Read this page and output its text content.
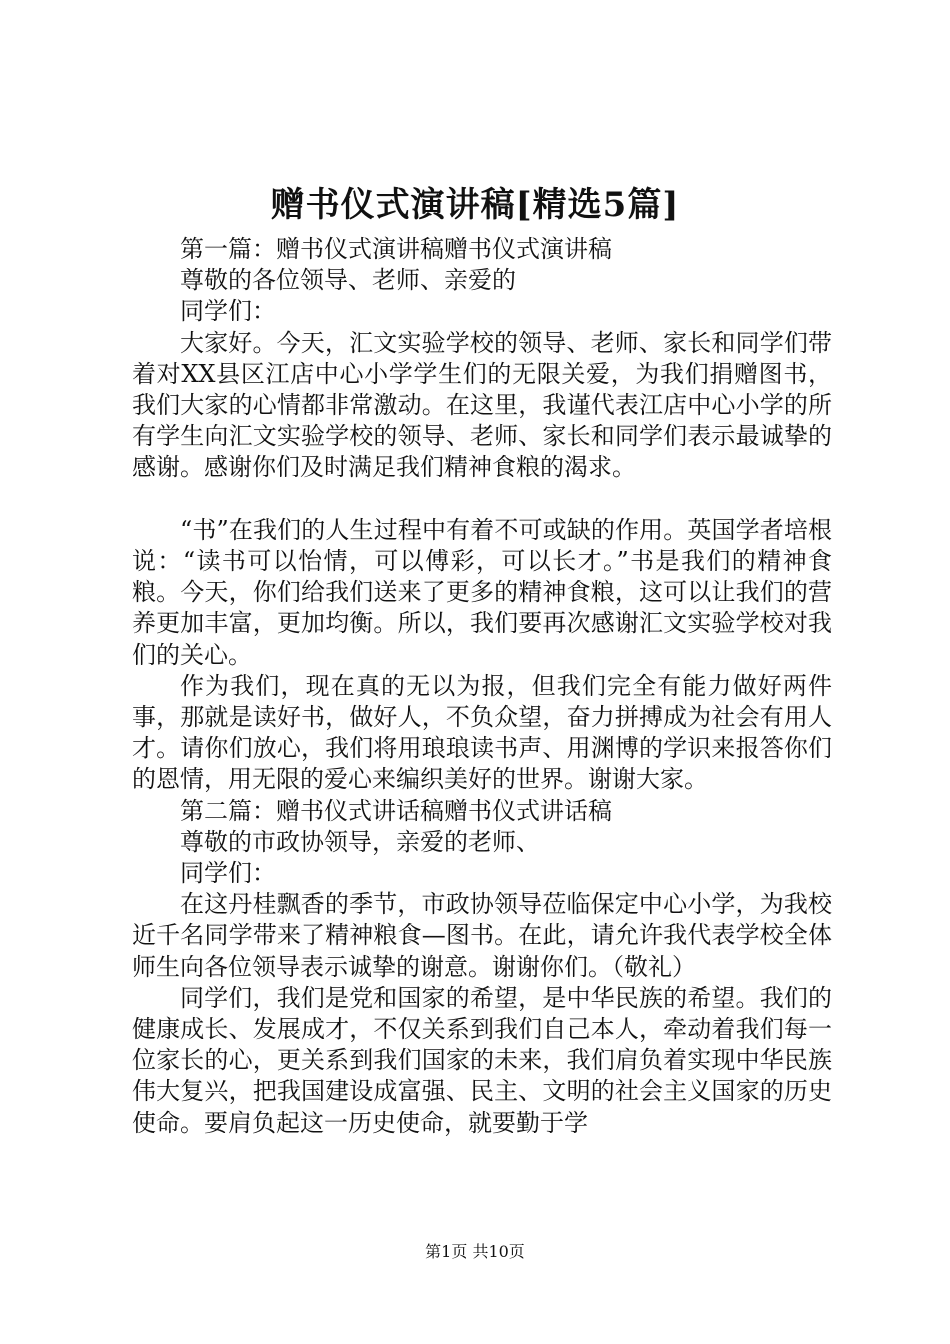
赠书仪式演讲稿[精选5篇]

第一篇：赠书仪式演讲稿赠书仪式演讲稿

尊敬的各位领导、老师、亲爱的

同学们：

大家好。今天，汇文实验学校的领导、老师、家长和同学们带着对XX县区江店中心小学学生们的无限关爱，为我们捐赠图书，我们大家的心情都非常激动。在这里，我谨代表江店中心小学的所有学生向汇文实验学校的领导、老师、家长和同学们表示最诚挚的感谢。感谢你们及时满足我们精神食粮的渴求。

“书”在我们的人生过程中有着不可或缺的作用。英国学者培根说：“读书可以怡情，可以傅彩，可以长才。”书是我们的精神食粮。今天，你们给我们送来了更多的精神食粮，这可以让我们的营养更加丰富，更加均衡。所以，我们要再次感谢汇文实验学校对我们的关心。

作为我们，现在真的无以为报，但我们完全有能力做好两件事，那就是读好书，做好人，不负众望，奋力拼搏成为社会有用人才。请你们放心，我们将用琅琅读书声、用渊博的学识来报答你们的恩情，用无限的爱心来编织美好的世界。谢谢大家。

第二篇：赠书仪式讲话稿赠书仪式讲话稿

尊敬的市政协领导，亲爱的老师、

同学们：

在这丹桂飘香的季节，市政协领导莅临保定中心小学，为我校近千名同学带来了精神粮食—图书。在此，请允许我代表学校全体师生向各位领导表示诚挚的谢意。谢谢你们。（敬礼）

同学们，我们是党和国家的希望，是中华民族的希望。我们的健康成长、发展成才，不仅关系到我们自己本人，牵动着我们每一位家长的心，更关系到我们国家的未来，我们肩负着实现中华民族伟大复兴，把我国建设成富强、民主、文明的社会主义国家的历史使命。要肩负起这一历史使命，就要勤于学

第1页 共10页
